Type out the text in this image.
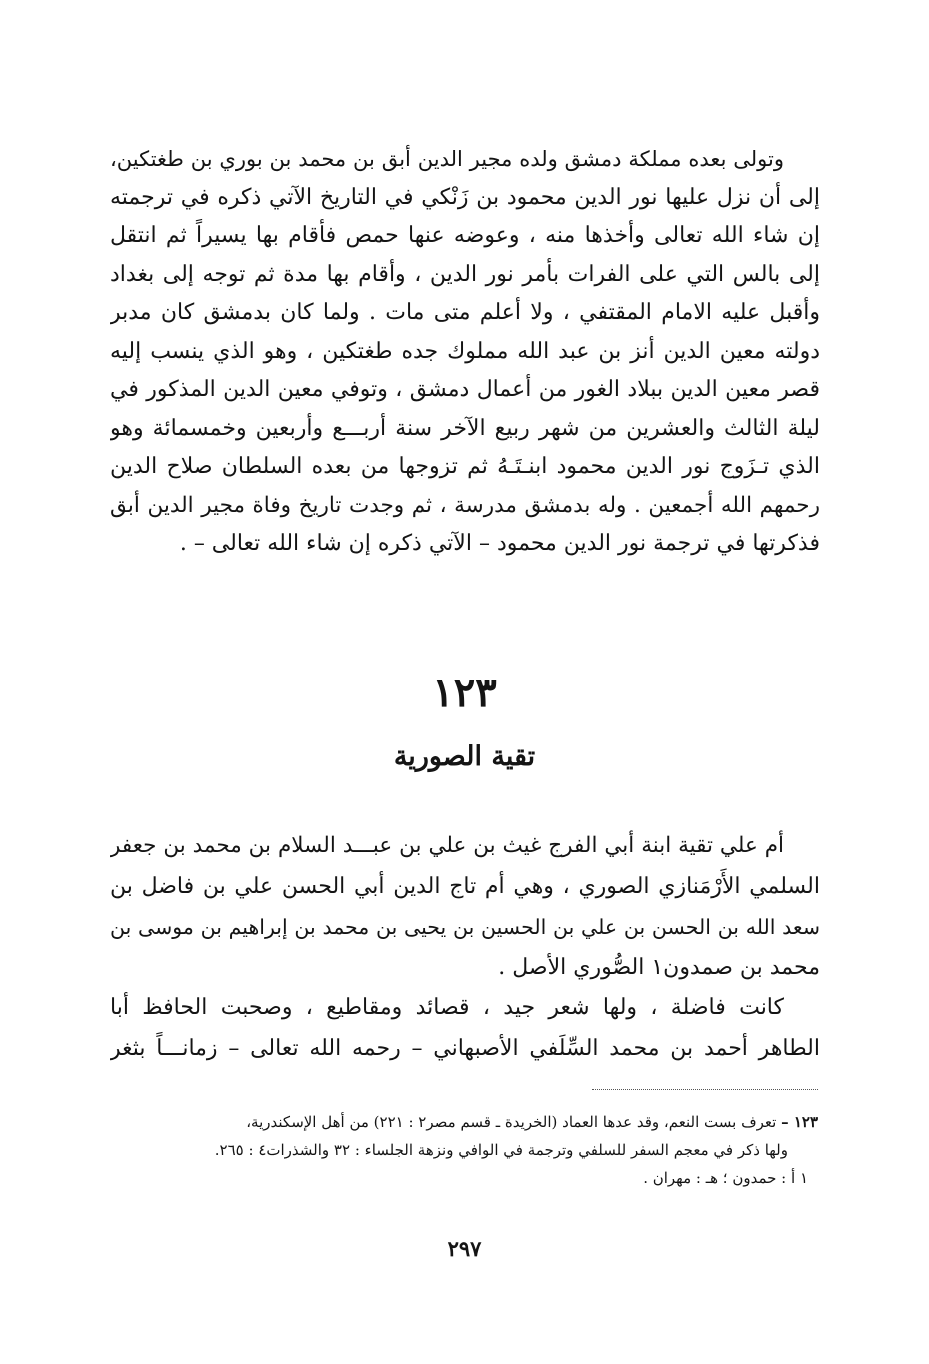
وتولى بعده مملكة دمشق ولده مجير الدين أبق بن محمد بن بوري بن طغتكين،
إلى أن نزل عليها نور الدين محمود بن زَنْكي في التاريخ الآتي ذكره في ترجمته
إن شاء الله تعالى وأخذها منه ، وعوضه عنها حمص فأقام بها يسيراً ثم انتقل
إلى بالس التي على الفرات بأمر نور الدين ، وأقام بها مدة ثم توجه إلى بغداد
وأقبل عليه الامام المقتفي ، ولا أعلم متى مات . ولما كان بدمشق كان مدبر
دولته معين الدين أنز بن عبد الله مملوك جده طغتكين ، وهو الذي ينسب إليه
قصر معين الدين ببلاد الغور من أعمال دمشق ، وتوفي معين الدين المذكور في
ليلة الثالث والعشرين من شهر ربيع الآخر سنة أربـــع وأربعين وخمسمائة وهو
الذي تـزَوج نور الدين محمود ابنـتَـهُ ثم تزوجها من بعده السلطان صلاح الدين
رحمهم الله أجمعين . وله بدمشق مدرسة ، ثم وجدت تاريخ وفاة مجير الدين أبق
فذكرتها في ترجمة نور الدين محمود – الآتي ذكره إن شاء الله تعالى – .
١٢٣
تقية الصورية
أم علي تقية ابنة أبي الفرج غيث بن علي بن عبـــد السلام بن محمد بن جعفر
السلمي الأَرْمَنازي الصوري ، وهي أم تاج الدين أبي الحسن علي بن فاضل بن
سعد الله بن الحسن بن علي بن الحسين بن يحيى بن محمد بن إبراهيم بن موسى بن
محمد بن صمدون١ الصُّوري الأصل .
كانت فاضلة ، ولها شعر جيد ، قصائد ومقاطيع ، وصحبت الحافظ أبا
الطاهر أحمد بن محمد السِّلَفي الأصبهاني – رحمه الله تعالى – زمانـــاً بثغر
١٢٣ – تعرف بست النعم، وقد عدها العماد (الخريدة ـ قسم مصر٢ : ٢٢١) من أهل الإسكندرية،
ولها ذكر في معجم السفر للسلفي وترجمة في الوافي ونزهة الجلساء : ٣٢ والشذرات٤ : ٢٦٥.
١ أ : حمدون ؛ هـ : مهران .
٢٩٧
